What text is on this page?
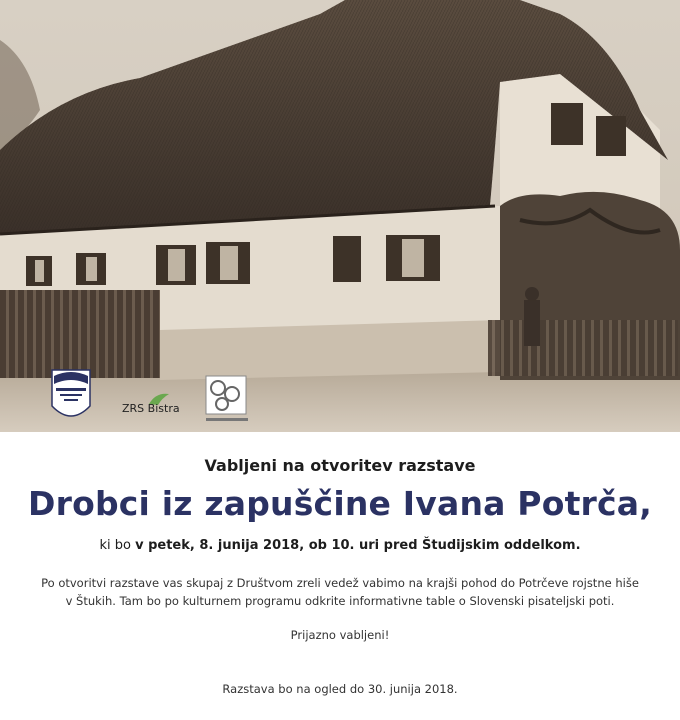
ZRS Bistra
Vabljeni na otvoritev razstave
Drobci iz zapuščine Ivana Potrča,
ki bo v petek, 8. junija 2018, ob 10. uri pred Študijskim oddelkom.
Po otvoritvi razstave vas skupaj z Društvom zreli vedež vabimo na krajši pohod do Potrčeve rojstne hiše v Štukih. Tam bo po kulturnem programu odkrite informativne table o Slovenski pisateljski poti.
Prijazno vabljeni!
Razstava bo na ogled do 30. junija 2018.
